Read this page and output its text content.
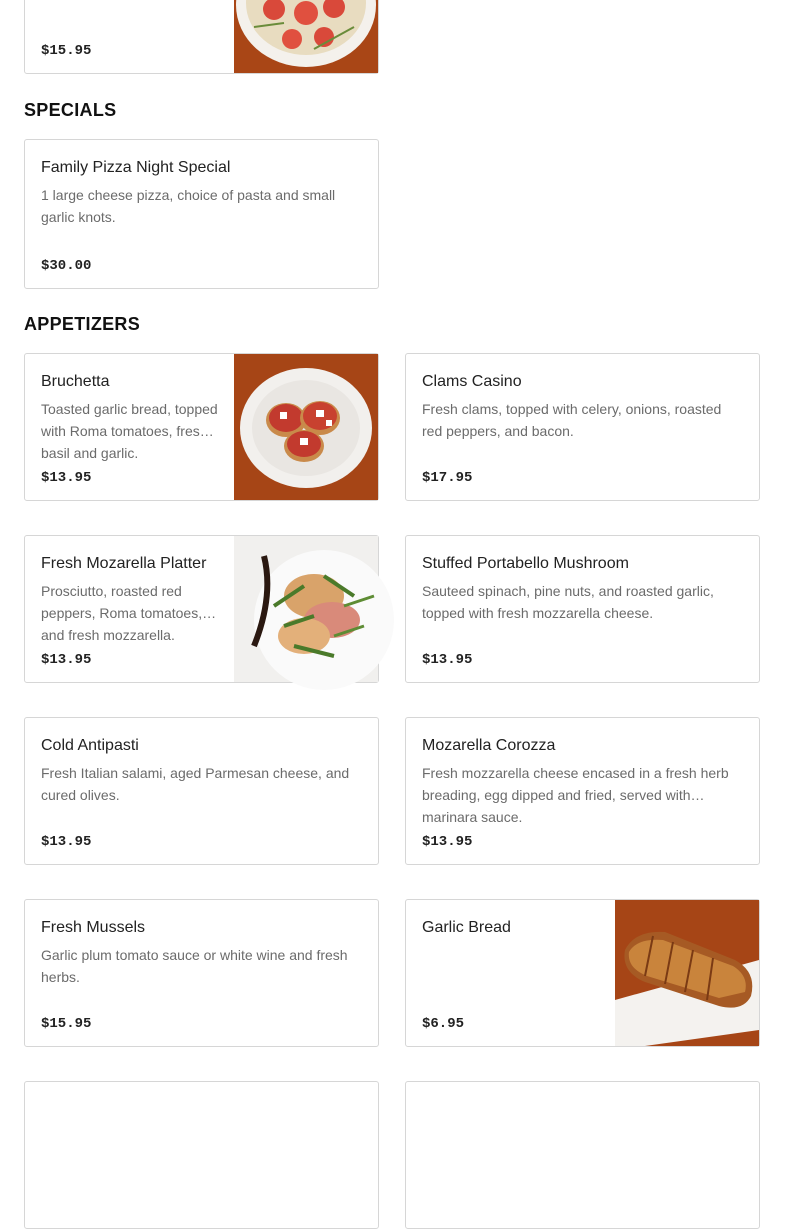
$15.95
SPECIALS
Family Pizza Night Special
1 large cheese pizza, choice of pasta and small garlic knots.
$30.00
APPETIZERS
Bruchetta
Toasted garlic bread, topped with Roma tomatoes, fresh basil and garlic.
$13.95
Clams Casino
Fresh clams, topped with celery, onions, roasted red peppers, and bacon.
$17.95
Fresh Mozarella Platter
Prosciutto, roasted red peppers, Roma tomatoes, and fresh mozzarella.
$13.95
Stuffed Portabello Mushroom
Sauteed spinach, pine nuts, and roasted garlic, topped with fresh mozzarella cheese.
$13.95
Cold Antipasti
Fresh Italian salami, aged Parmesan cheese, and cured olives.
$13.95
Mozarella Corozza
Fresh mozzarella cheese encased in a fresh herb breading, egg dipped and fried, served with marinara sauce.
$13.95
Fresh Mussels
Garlic plum tomato sauce or white wine and fresh herbs.
$15.95
Garlic Bread
$6.95
